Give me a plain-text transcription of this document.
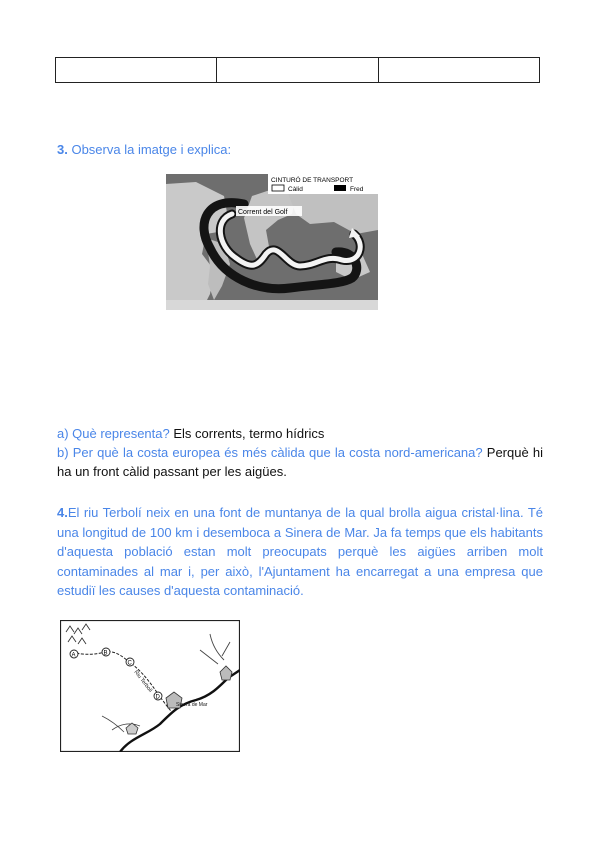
3. Observa la imatge i explica:
CINTURÓ DE TRANSPORT
Càlid	Fred
Corrent del Golf

a) Què representa? Els corrents, termo hídrics

b) Per què la costa europea és més càlida que la costa nord-americana? Perquè hi ha un front càlid passant per les aigües.

4.El riu Terbolí neix en una font de muntanya de la qual brolla aigua cristal·lina. Té una longitud de 100 km i desemboca a Sinera de Mar. Ja fa temps que els habitants d'aquesta població estan molt preocupats perquè les aigües arriben molt contaminades al mar i, per això, l'Ajuntament ha encarregat a una empresa que estudiï les causes d'aquesta contaminació.
A	B
C
D
Riu Terbolí
Sinera de Mar
